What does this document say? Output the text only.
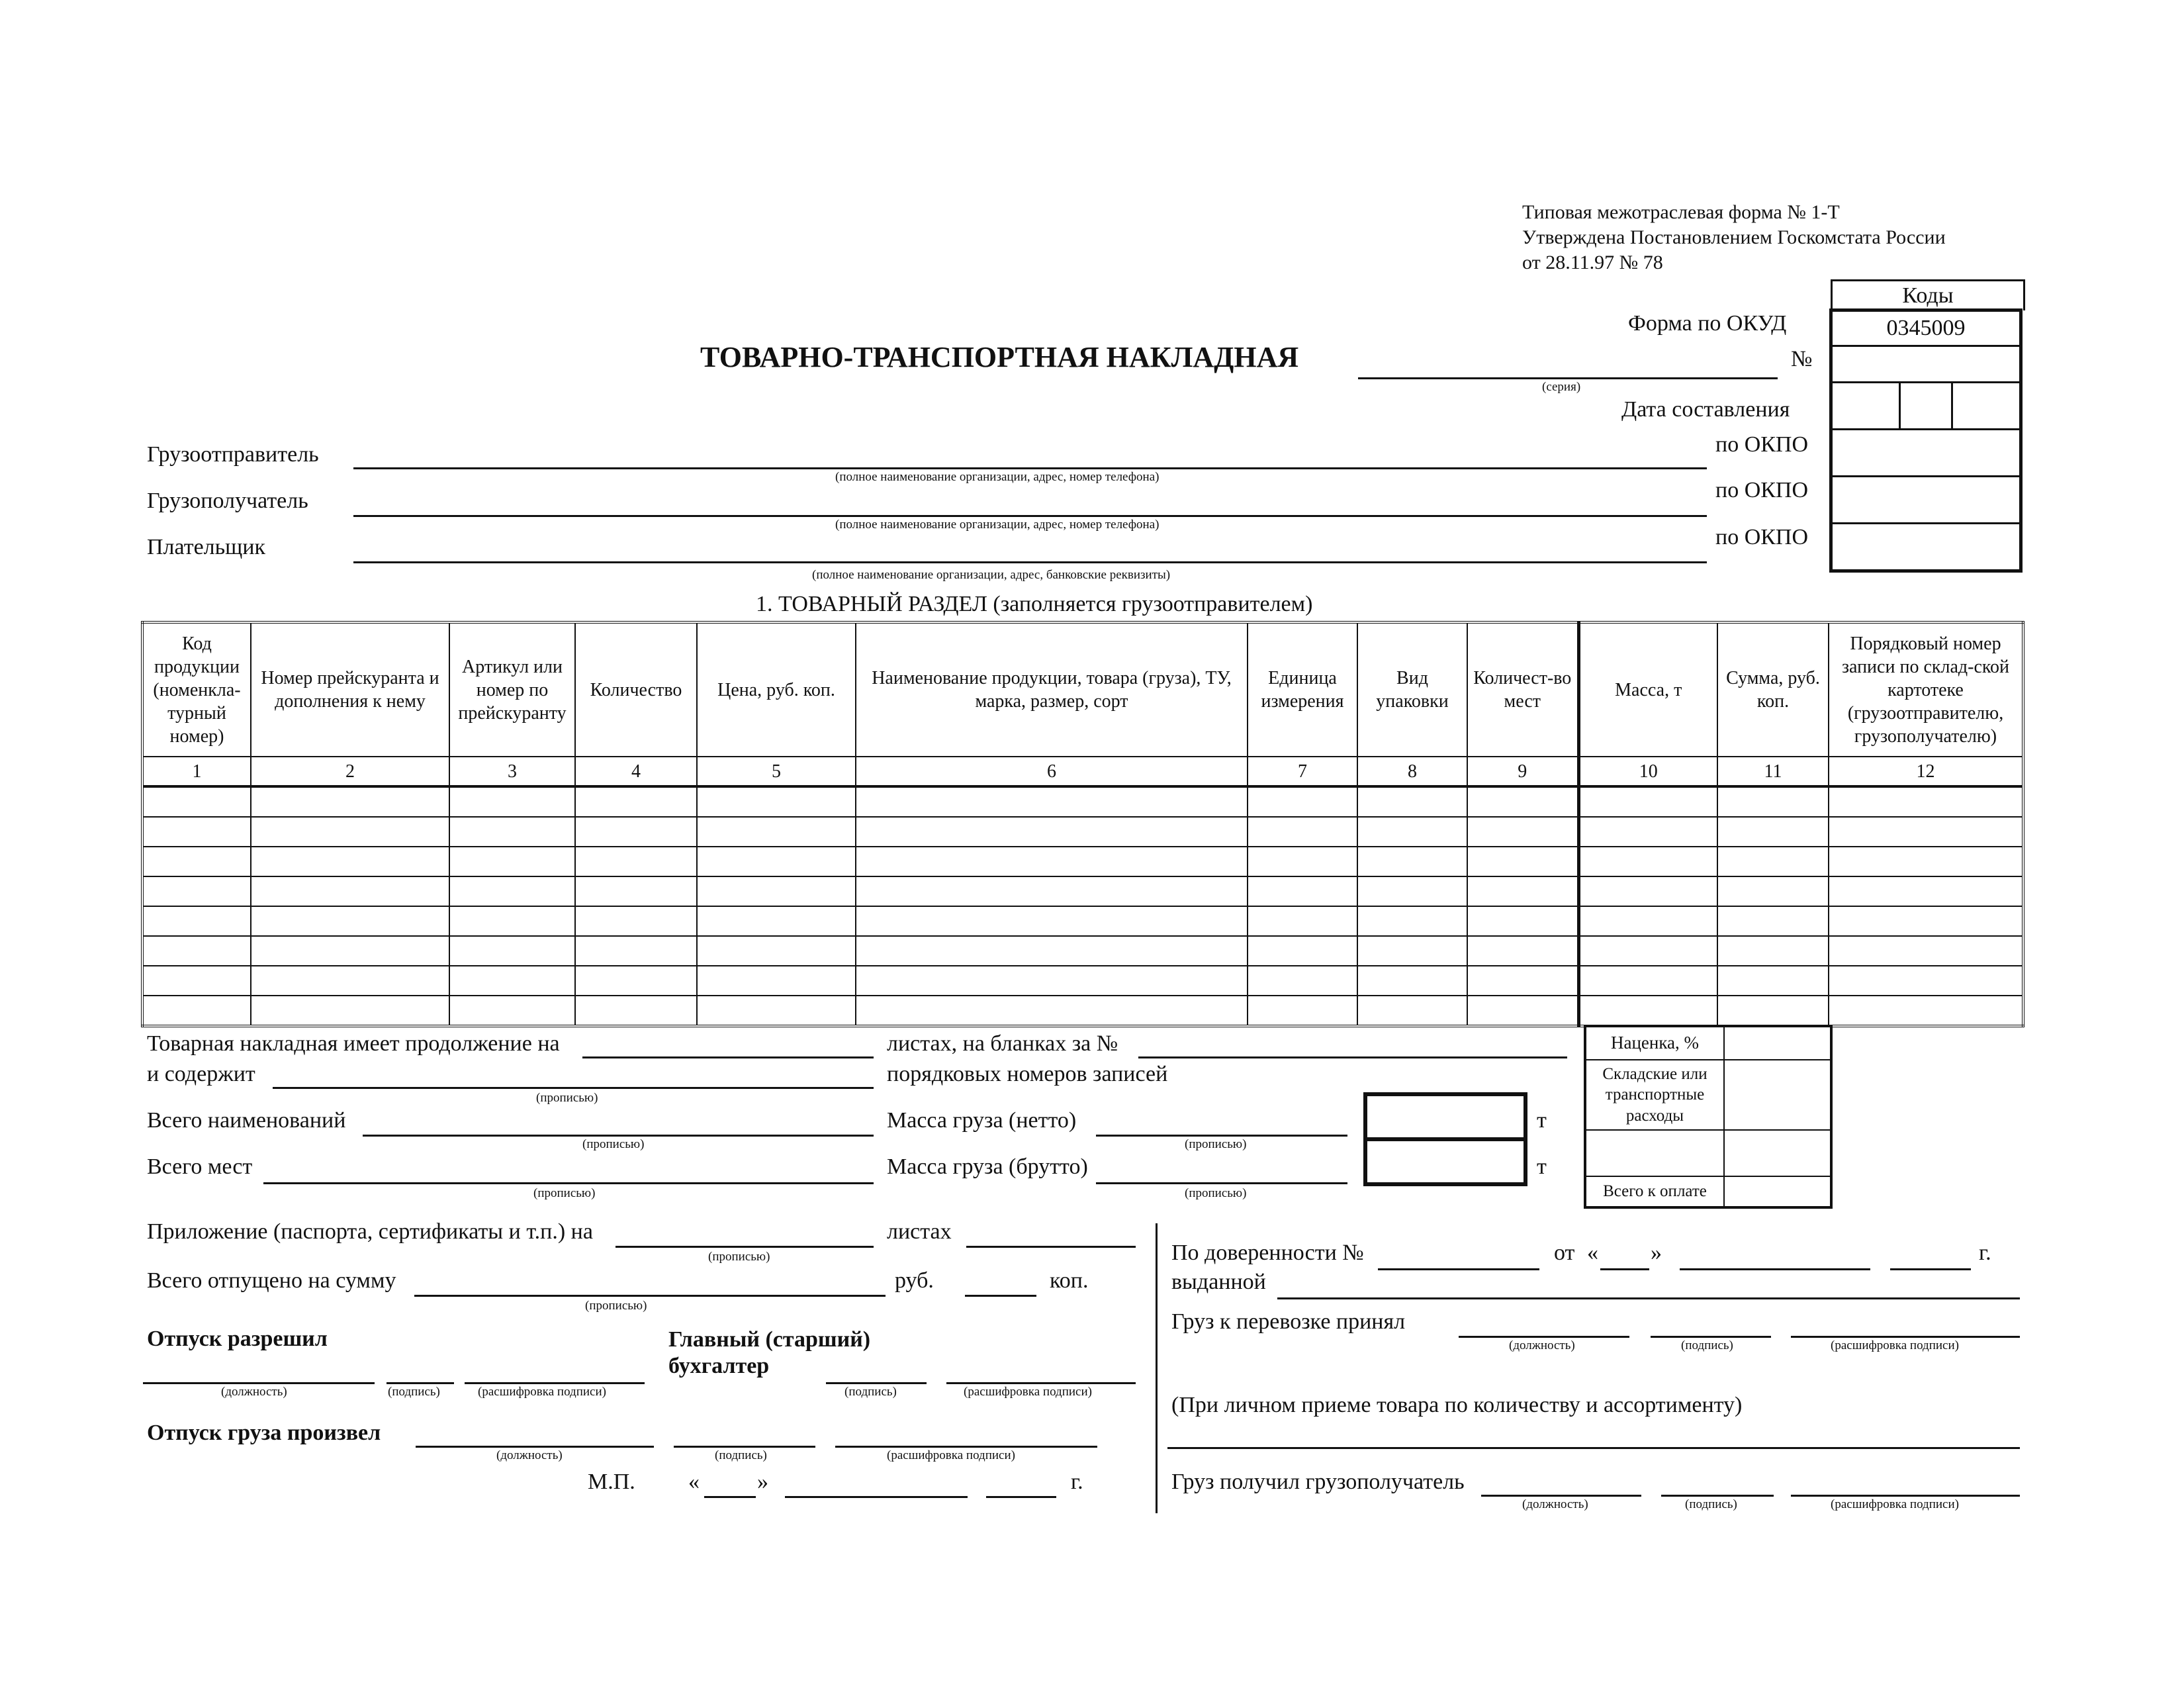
Типовая межотраслевая форма № 1-Т
Утверждена Постановлением Госкомстата России
от 28.11.97 № 78
Коды
0345009

Форма по ОКУД
№
Дата составления
по ОКПО
по ОКПО
по ОКПО
ТОВАРНО-ТРАНСПОРТНАЯ НАКЛАДНАЯ
(серия)
Грузоотправитель
(полное наименование организации, адрес, номер телефона)
Грузополучатель
(полное наименование организации, адрес, номер телефона)
Плательщик
(полное наименование организации, адрес, банковские реквизиты)
1. ТОВАРНЫЙ РАЗДЕЛ (заполняется грузоотправителем)
Код продукции (номенкла-турный номер)	Номер прейскуранта и дополнения к нему	Артикул или номер по прейскуранту	Количество	Цена, руб. коп.	Наименование продукции, товара (груза), ТУ, марка, размер, сорт	Единица измерения	Вид упаковки	Количест-во мест	Масса, т	Сумма, руб. коп.	Порядковый номер записи по склад-ской картотеке (грузоотправителю, грузополучателю)
1	2	3	4	5	6	7	8	9	10	11	12

Наценка, %	
Складские или транспортные расходы	

Всего к оплате	
Товарная накладная имеет продолжение на	листах, на бланках за №
и содержит
(прописью)
порядковых номеров записей
Всего наименований
(прописью)
Масса груза (нетто)
(прописью)
т
т
Всего мест
(прописью)
Масса груза (брутто)
(прописью)
Приложение (паспорта, сертификаты и т.п.) на
(прописью)
листах
Всего отпущено на сумму
(прописью)
руб.	коп.
Отпуск разрешил	Главный (старший)
бухгалтер
(должность)	(подпись)	(расшифровка подписи)	(подпись)	(расшифровка подписи)
Отпуск груза произвел
(должность)	(подпись)	(расшифровка подписи)
М.П. «	»	г.
По доверенности №	от « »	г.
выданной
Груз к перевозке принял
(должность)	(подпись)	(расшифровка подписи)
(При личном приеме товара по количеству и ассортименту)
Груз получил грузополучатель
(должность)	(подпись)	(расшифровка подписи)
